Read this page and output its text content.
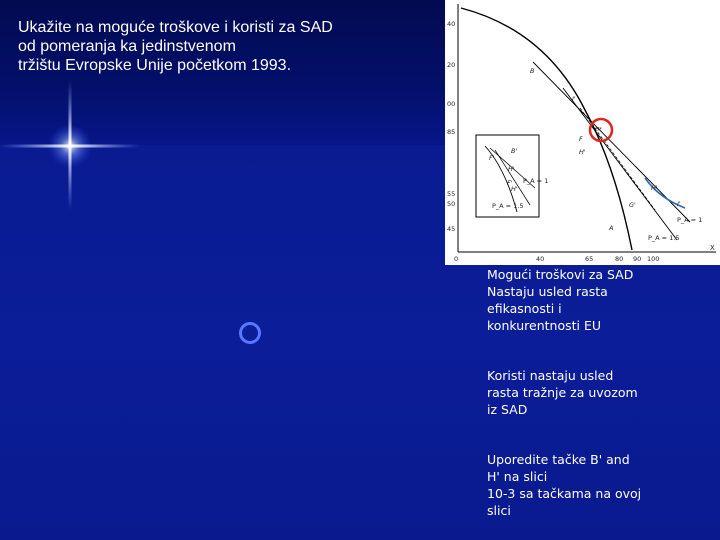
Ukažite na moguće troškove i koristi za SAD
od pomeranja ka jedinstvenom
tržištu Evropske Unije početkom 1993.
40
20
00
85
55
50
45
0	40	65	80 90 100
X
B
I'
F
H'
H*
H'
G'
A
I'
P_A = 1
P_A = 1.5
F'
B'
H'
F'
H'
P_A = 1
P_A = 1.5
Mogući troškovi za SAD
Nastaju usled rasta
efikasnosti i
konkurentnosti EU
Koristi nastaju usled
rasta tražnje za uvozom
iz SAD
Uporedite tačke B' and
H' na slici
10-3 sa tačkama na ovoj
slici
